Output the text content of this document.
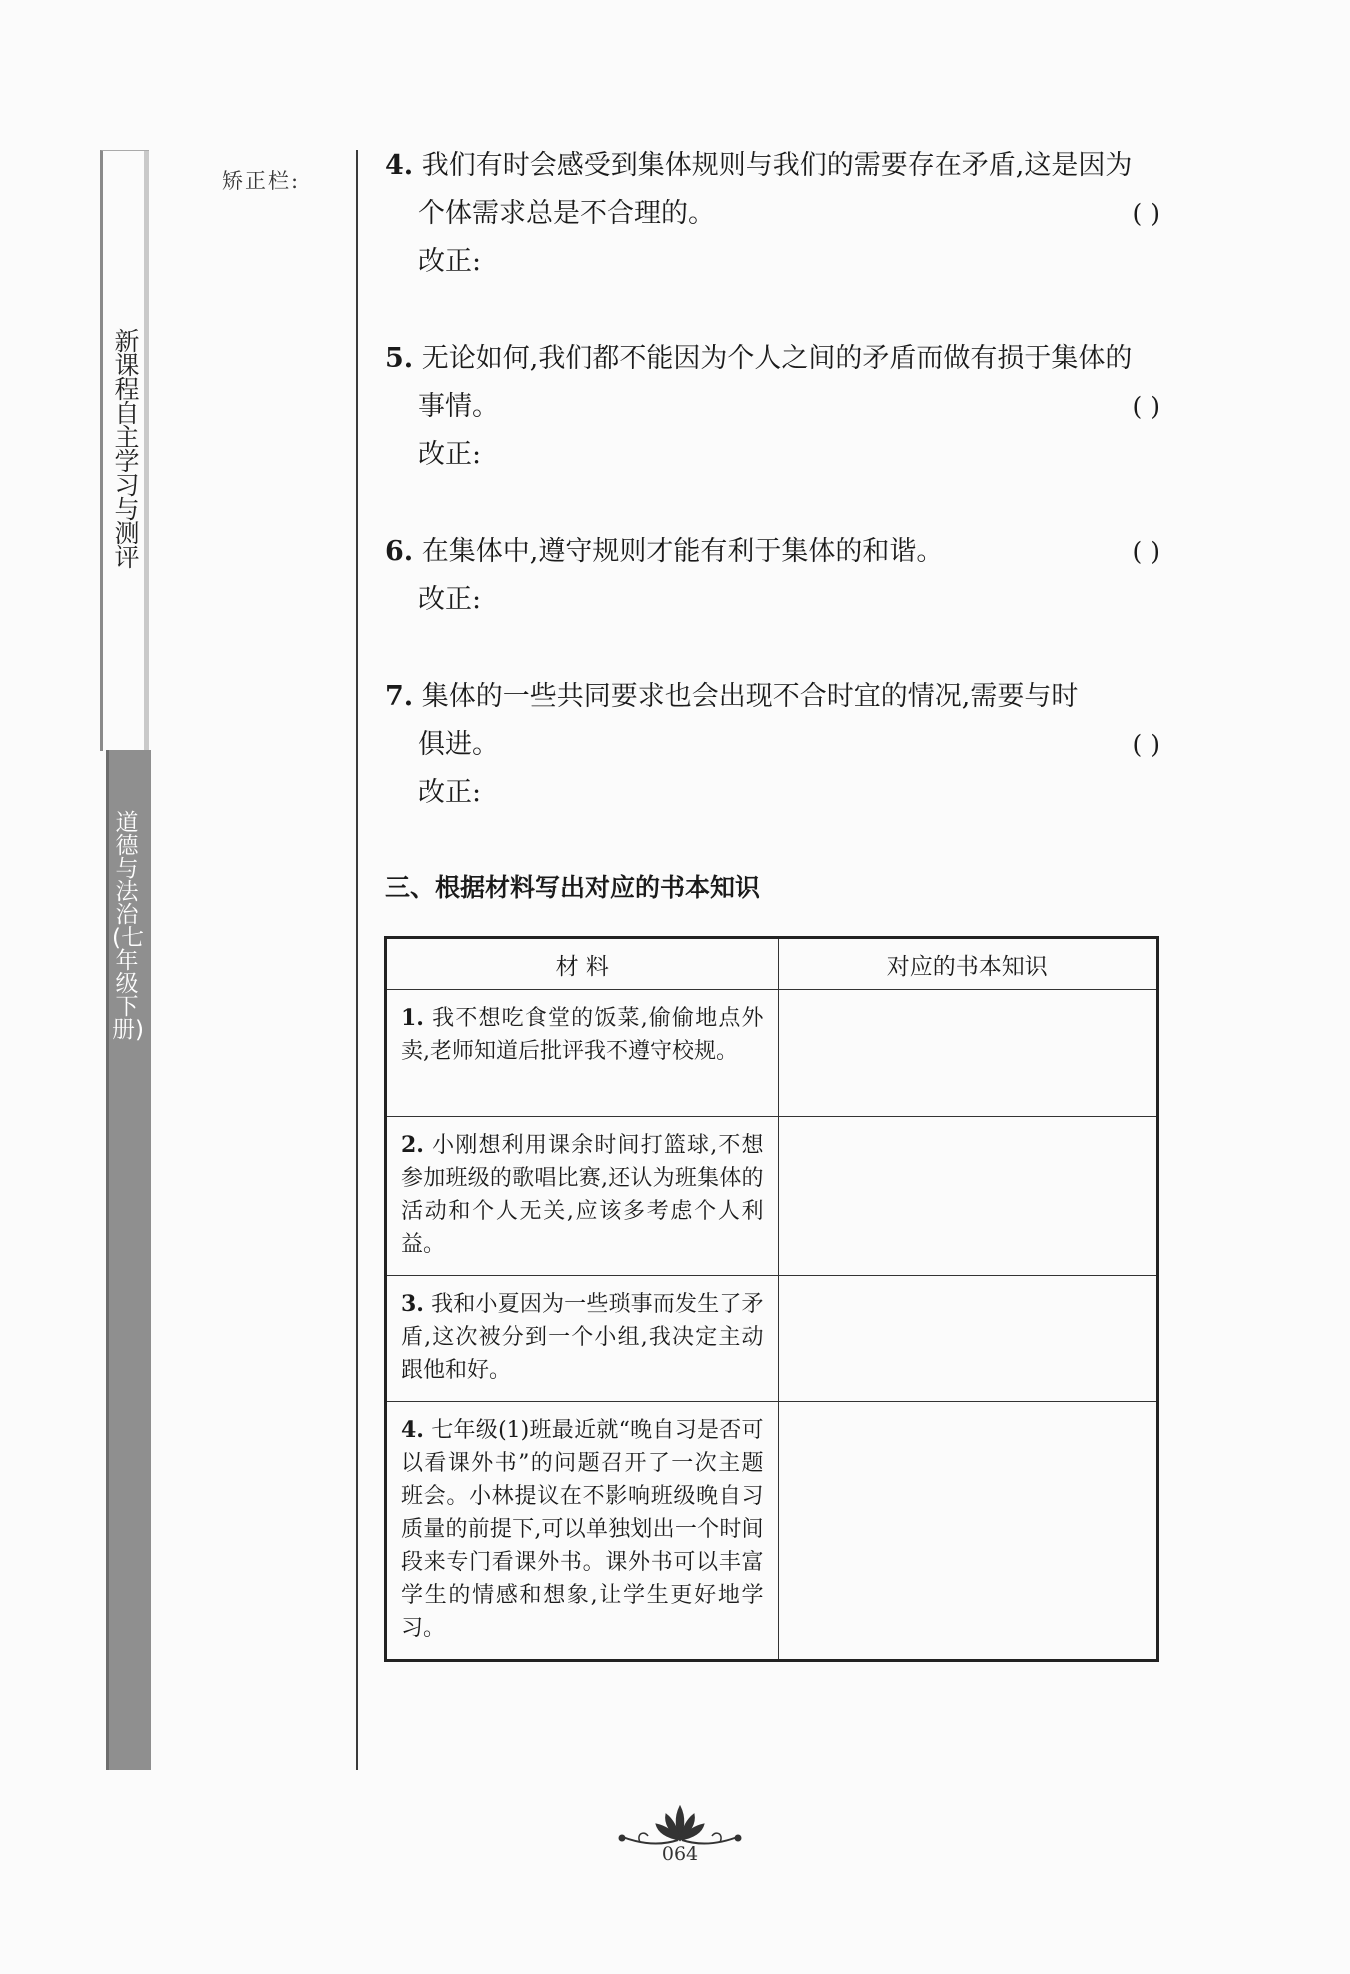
新课程自主学习与测评
道德与法治(七年级下册)
矫正栏:	4. 我们有时会感受到集体规则与我们的需要存在矛盾,这是因为
个体需求总是不合理的。	( )
改正:
5. 无论如何,我们都不能因为个人之间的矛盾而做有损于集体的
事情。	( )
改正:
6. 在集体中,遵守规则才能有利于集体的和谐。	( )
改正:
7. 集体的一些共同要求也会出现不合时宜的情况,需要与时
俱进。	( )
改正:
三、根据材料写出对应的书本知识
材 料	对应的书本知识
1. 我不想吃食堂的饭菜,偷偷地点外卖,老师知道后批评我不遵守校规。	
2. 小刚想利用课余时间打篮球,不想参加班级的歌唱比赛,还认为班集体的活动和个人无关,应该多考虑个人利益。	
3. 我和小夏因为一些琐事而发生了矛盾,这次被分到一个小组,我决定主动跟他和好。	
4. 七年级(1)班最近就“晚自习是否可以看课外书”的问题召开了一次主题班会。小林提议在不影响班级晚自习质量的前提下,可以单独划出一个时间段来专门看课外书。课外书可以丰富学生的情感和想象,让学生更好地学习。	
064
